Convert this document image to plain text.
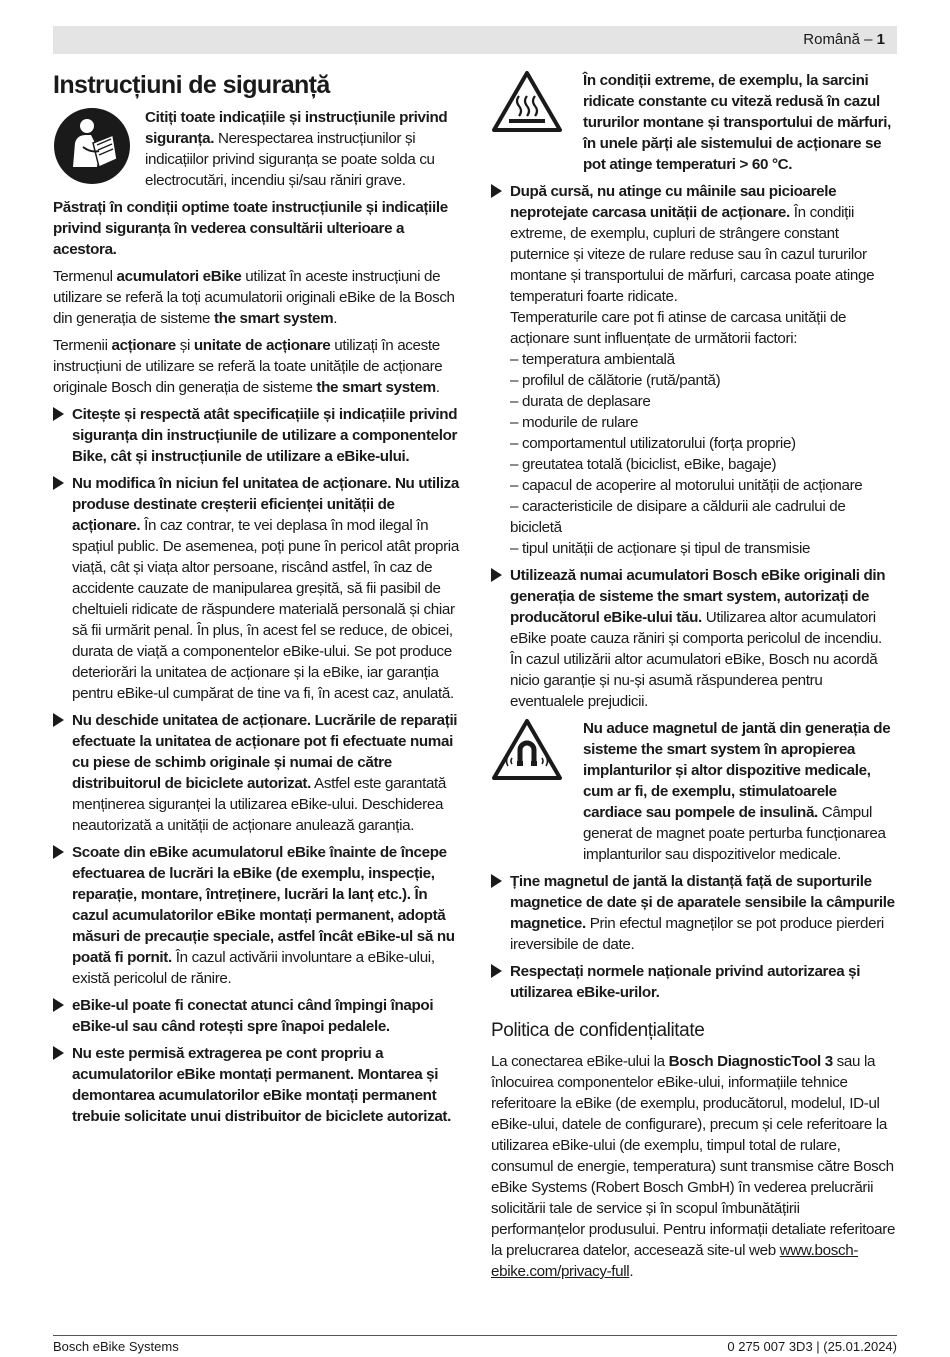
Română – 1
Instrucțiuni de siguranță
Citiți toate indicațiile și instrucțiunile privind siguranța. Nerespectarea instrucțiunilor și indicațiilor privind siguranța se poate solda cu electrocutări, incendiu și/sau răniri grave.

Păstrați în condiții optime toate instrucțiunile și indicațiile privind siguranța în vederea consultării ulterioare a acestora.

Termenul acumulatori eBike utilizat în aceste instrucțiuni de utilizare se referă la toți acumulatorii originali eBike de la Bosch din generația de sisteme the smart system.

Termenii acționare și unitate de acționare utilizați în aceste instrucțiuni de utilizare se referă la toate unitățile de acționare originale Bosch din generația de sisteme the smart system.

Citește și respectă atât specificațiile și indicațiile privind siguranța din instrucțiunile de utilizare a componentelor Bike, cât și instrucțiunile de utilizare a eBike-ului.
Nu modifica în niciun fel unitatea de acționare. Nu utiliza produse destinate creșterii eficienței unității de acționare. În caz contrar, te vei deplasa în mod ilegal în spațiul public. De asemenea, poți pune în pericol atât propria viață, cât și viața altor persoane, riscând astfel, în caz de accidente cauzate de manipularea greșită, să fii pasibil de cheltuieli ridicate de răspundere materială personală și chiar să fii urmărit penal. În plus, în acest fel se reduce, de obicei, durata de viață a componentelor eBike-ului. Se pot produce deteriorări la unitatea de acționare și la eBike, iar garanția pentru eBike-ul cumpărat de tine va fi, în acest caz, anulată.
Nu deschide unitatea de acționare. Lucrările de reparații efectuate la unitatea de acționare pot fi efectuate numai cu piese de schimb originale și numai de către distribuitorul de biciclete autorizat. Astfel este garantată menținerea siguranței la utilizarea eBike-ului. Deschiderea neautorizată a unității de acționare anulează garanția.
Scoate din eBike acumulatorul eBike înainte de începe efectuarea de lucrări la eBike (de exemplu, inspecție, reparație, montare, întreținere, lucrări la lanț etc.). În cazul acumulatorilor eBike montați permanent, adoptă măsuri de precauție speciale, astfel încât eBike-ul să nu poată fi pornit. În cazul activării involuntare a eBike-ului, există pericolul de rănire.
eBike-ul poate fi conectat atunci când împingi înapoi eBike-ul sau când rotești spre înapoi pedalele.
Nu este permisă extragerea pe cont propriu a acumulatorilor eBike montați permanent. Montarea și demontarea acumulatorilor eBike montați permanent trebuie solicitate unui distribuitor de biciclete autorizat.
În condiții extreme, de exemplu, la sarcini ridicate constante cu viteză redusă în cazul tururilor montane și transportului de mărfuri, în unele părți ale sistemului de acționare se pot atinge temperaturi > 60 °C.
După cursă, nu atinge cu mâinile sau picioarele neprotejate carcasa unității de acționare. În condiții extreme, de exemplu, cupluri de strângere constant puternice și viteze de rulare reduse sau în cazul tururilor montane și transportului de mărfuri, carcasa poate atinge temperaturi foarte ridicate.

Temperaturile care pot fi atinse de carcasa unității de acționare sunt influențate de următorii factori:

– temperatura ambientală

– profilul de călătorie (rută/pantă)

– durata de deplasare

– modurile de rulare

– comportamentul utilizatorului (forța proprie)

– greutatea totală (biciclist, eBike, bagaje)

– capacul de acoperire al motorului unității de acționare

– caracteristicile de disipare a căldurii ale cadrului de bicicletă

– tipul unității de acționare și tipul de transmisie

Utilizează numai acumulatori Bosch eBike originali din generația de sisteme the smart system, autorizați de producătorul eBike-ului tău. Utilizarea altor acumulatori eBike poate cauza răniri și comporta pericolul de incendiu. În cazul utilizării altor acumulatori eBike, Bosch nu acordă nicio garanție și nu-și asumă răspunderea pentru eventualele prejudicii.
Nu aduce magnetul de jantă din generația de sisteme the smart system în apropierea implanturilor și altor dispozitive medicale, cum ar fi, de exemplu, stimulatoarele cardiace sau pompele de insulină. Câmpul generat de magnet poate perturba funcționarea implanturilor sau dispozitivelor medicale.
Ține magnetul de jantă la distanță față de suporturile magnetice de date și de aparatele sensibile la câmpurile magnetice. Prin efectul magneților se pot produce pierderi ireversibile de date.
Respectați normele naționale privind autorizarea și utilizarea eBike-urilor.
Politica de confidențialitate

La conectarea eBike-ului la Bosch DiagnosticTool 3 sau la înlocuirea componentelor eBike-ului, informațiile tehnice referitoare la eBike (de exemplu, producătorul, modelul, ID-ul eBike-ului, datele de configurare), precum și cele referitoare la utilizarea eBike-ului (de exemplu, timpul total de rulare, consumul de energie, temperatura) sunt transmise către Bosch eBike Systems (Robert Bosch GmbH) în vederea prelucrării solicitării tale de service și în scopul îmbunătățirii performanțelor produsului. Pentru informații detaliate referitoare la prelucrarea datelor, accesează site-ul web www.bosch-ebike.com/privacy-full.

Bosch eBike Systems	0 275 007 3D3 | (25.01.2024)
